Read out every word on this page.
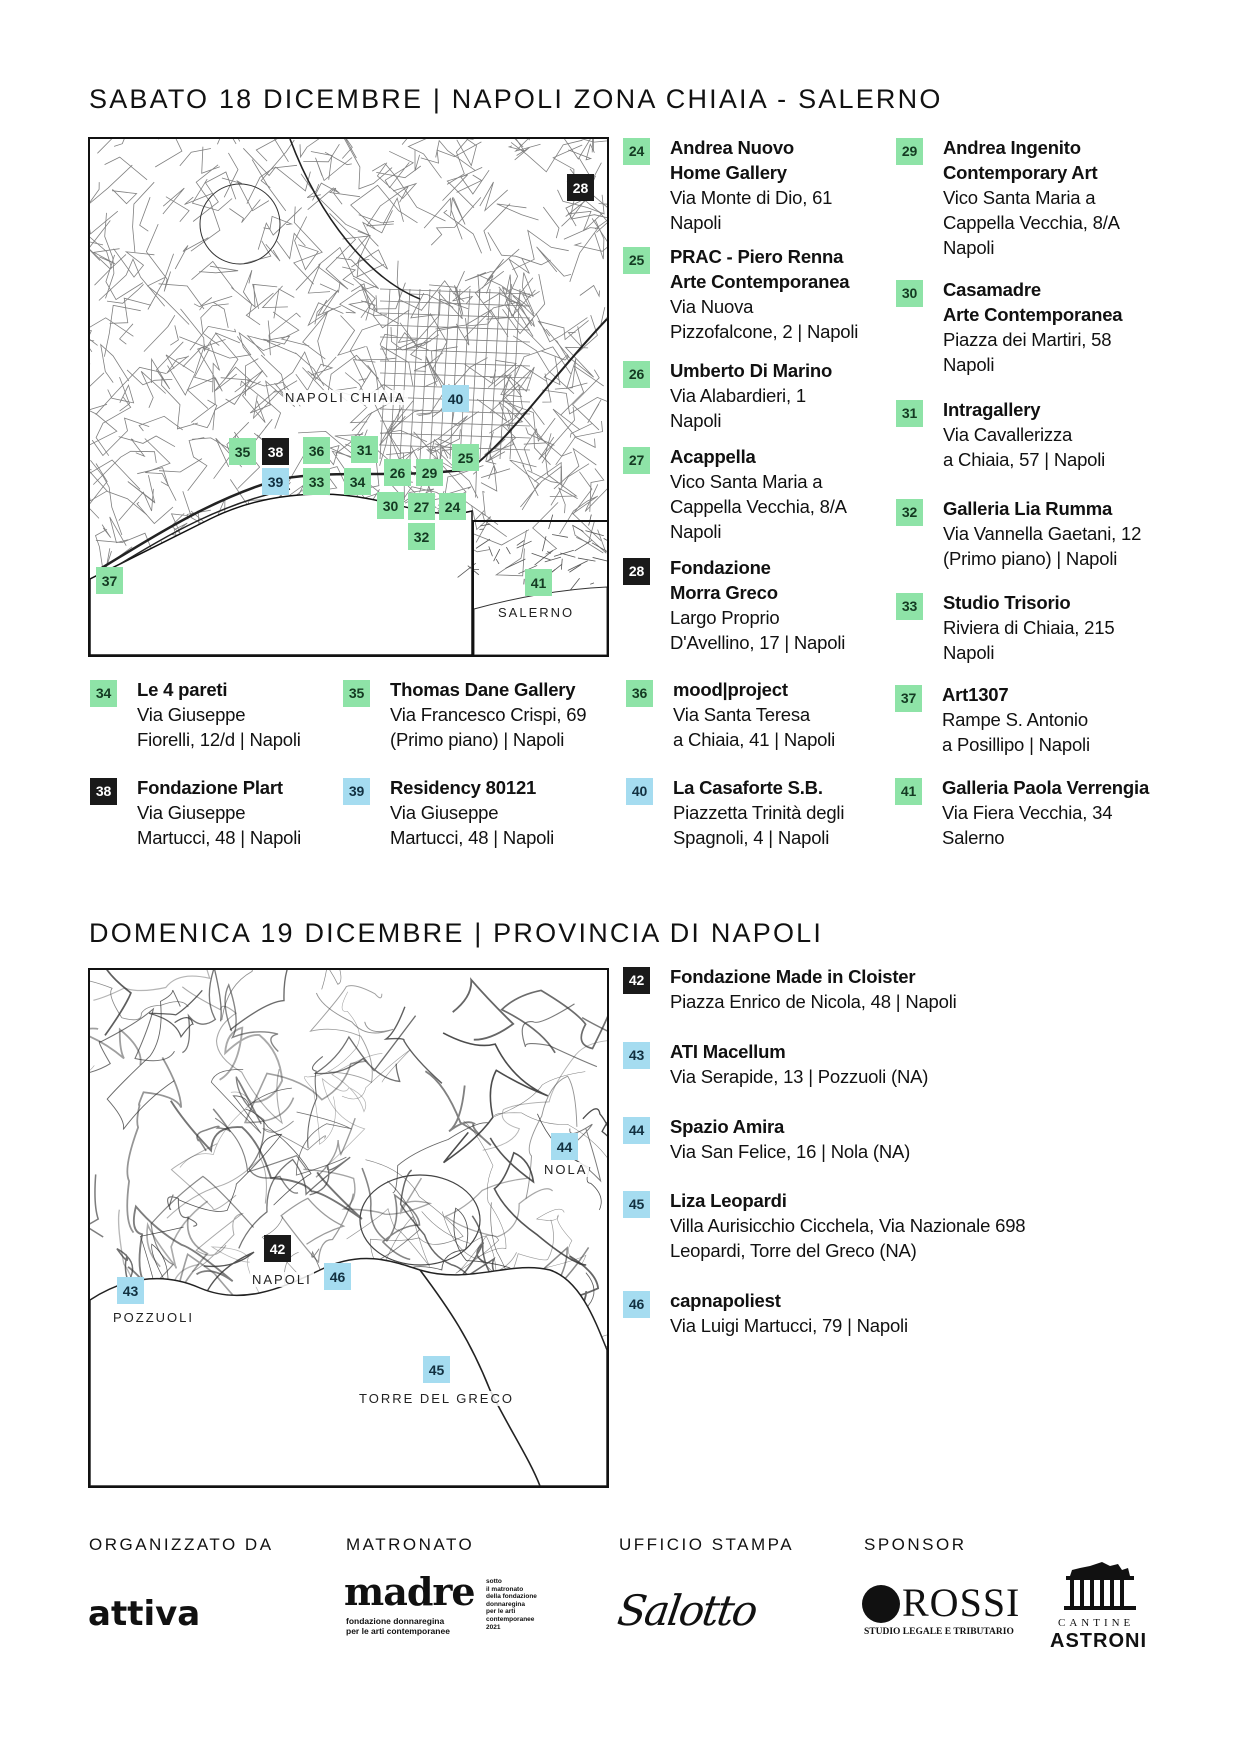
SABATO 18 DICEMBRE | NAPOLI ZONA CHIAIA - SALERNO
DOMENICA 19 DICEMBRE | PROVINCIA DI NAPOLI
NAPOLI CHIAIA
SALERNO
28
40
35	38	36	31	25
26	29
39	33	34
30	27	24
32
37	41
NOLA
NAPOLI
POZZUOLI
TORRE DEL GRECO
44
42
46
43
45
24	Andrea Nuovo
Home Gallery
Via Monte di Dio, 61
Napoli
25	PRAC - Piero Renna
Arte Contemporanea
Via Nuova
Pizzofalcone, 2 | Napoli
26	Umberto Di Marino
Via Alabardieri, 1
Napoli
27	Acappella
Vico Santa Maria a
Cappella Vecchia, 8/A
Napoli
28	Fondazione
Morra Greco
Largo Proprio
D'Avellino, 17 | Napoli
29	Andrea Ingenito
Contemporary Art
Vico Santa Maria a
Cappella Vecchia, 8/A
Napoli
30	Casamadre
Arte Contemporanea
Piazza dei Martiri, 58
Napoli
31	Intragallery
Via Cavallerizza
a Chiaia, 57 | Napoli
32	Galleria Lia Rumma
Via Vannella Gaetani, 12
(Primo piano) | Napoli
33	Studio Trisorio
Riviera di Chiaia, 215
Napoli
34	Le 4 pareti
Via Giuseppe
Fiorelli, 12/d | Napoli
35	Thomas Dane Gallery
Via Francesco Crispi, 69
(Primo piano) | Napoli
36	mood|project
Via Santa Teresa
a Chiaia, 41 | Napoli
37	Art1307
Rampe S. Antonio
a Posillipo | Napoli
38	Fondazione Plart
Via Giuseppe
Martucci, 48 | Napoli
39	Residency 80121
Via Giuseppe
Martucci, 48 | Napoli
40	La Casaforte S.B.
Piazzetta Trinità degli
Spagnoli, 4 | Napoli
41	Galleria Paola Verrengia
Via Fiera Vecchia, 34
Salerno
42	Fondazione Made in Cloister
Piazza Enrico de Nicola, 48 | Napoli
43	ATI Macellum
Via Serapide, 13 | Pozzuoli (NA)
44	Spazio Amira
Via San Felice, 16 | Nola (NA)
45	Liza Leopardi
Villa Aurisicchio Cicchela, Via Nazionale 698
Leopardi, Torre del Greco (NA)
46	capnapoliest
Via Luigi Martucci, 79 | Napoli
ORGANIZZATO DA	MATRONATO	UFFICIO STAMPA	SPONSOR
attiva	madre
fondazione donnaregina
per le arti contemporanee
sotto
il matronato
della fondazione
donnaregina
per le arti
contemporanee
2021	Salotto	ROSSI
STUDIO LEGALE E TRIBUTARIO
CANTINE
ASTRONI
